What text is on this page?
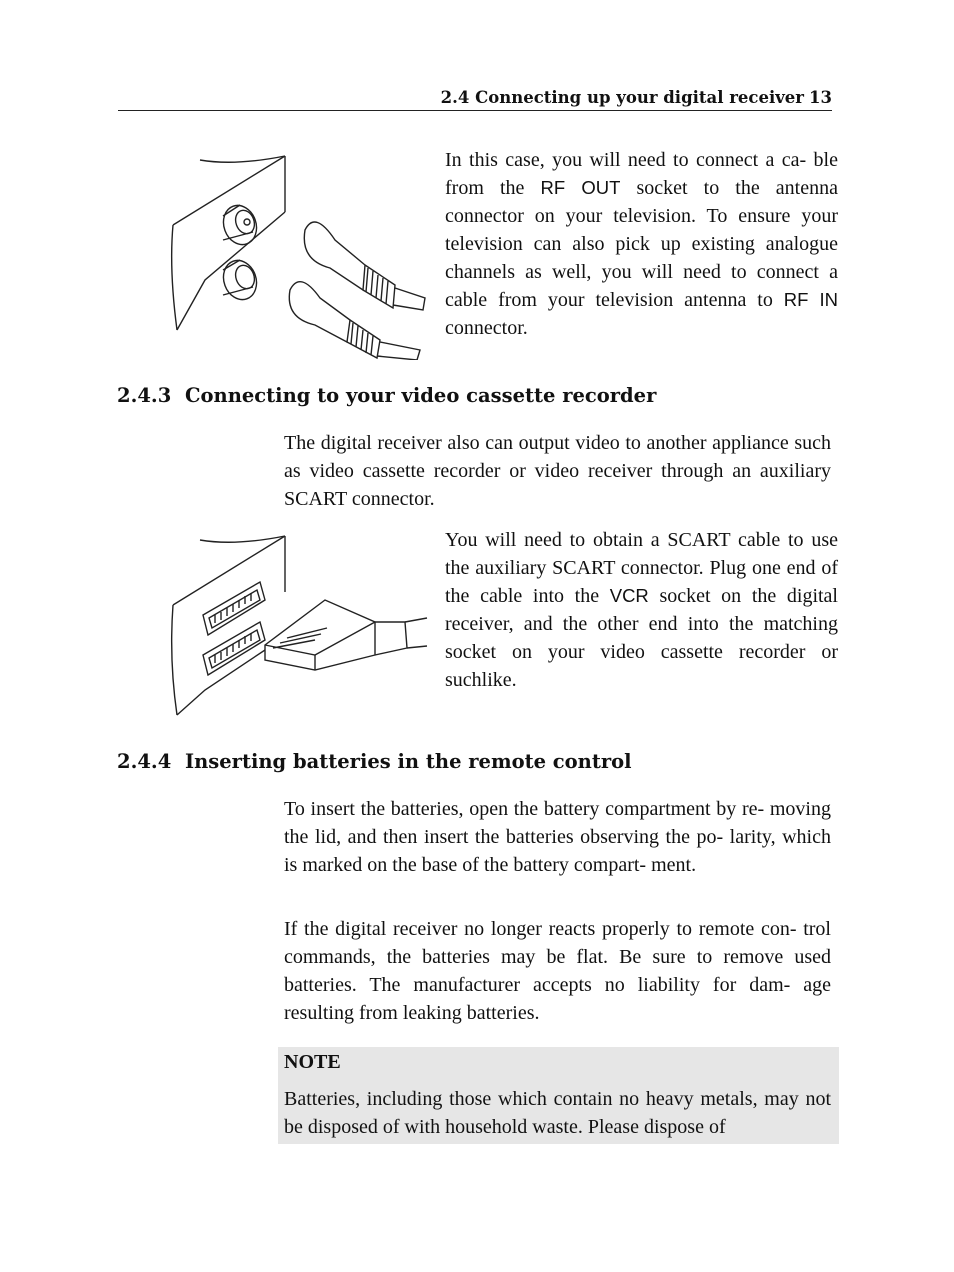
2.4 Connecting up your digital receiver 13

In this case, you will need to connect a ca- ble from the RF OUT socket to the antenna connector on your television. To ensure your television can also pick up existing analogue channels as well, you will need to connect a cable from your television antenna to RF IN connector.

2.4.3 Connecting to your video cassette recorder

The digital receiver also can output video to another appliance such as video cassette recorder or video receiver through an auxiliary SCART connector.

You will need to obtain a SCART cable to use the auxiliary SCART connector. Plug one end of the cable into the VCR socket on the digital receiver, and the other end into the matching socket on your video cassette recorder or suchlike.

2.4.4 Inserting batteries in the remote control

To insert the batteries, open the battery compartment by re- moving the lid, and then insert the batteries observing the po- larity, which is marked on the base of the battery compart- ment.

If the digital receiver no longer reacts properly to remote con- trol commands, the batteries may be flat. Be sure to remove used batteries. The manufacturer accepts no liability for dam- age resulting from leaking batteries.

NOTE

Batteries, including those which contain no heavy metals, may not be disposed of with household waste. Please dispose of
